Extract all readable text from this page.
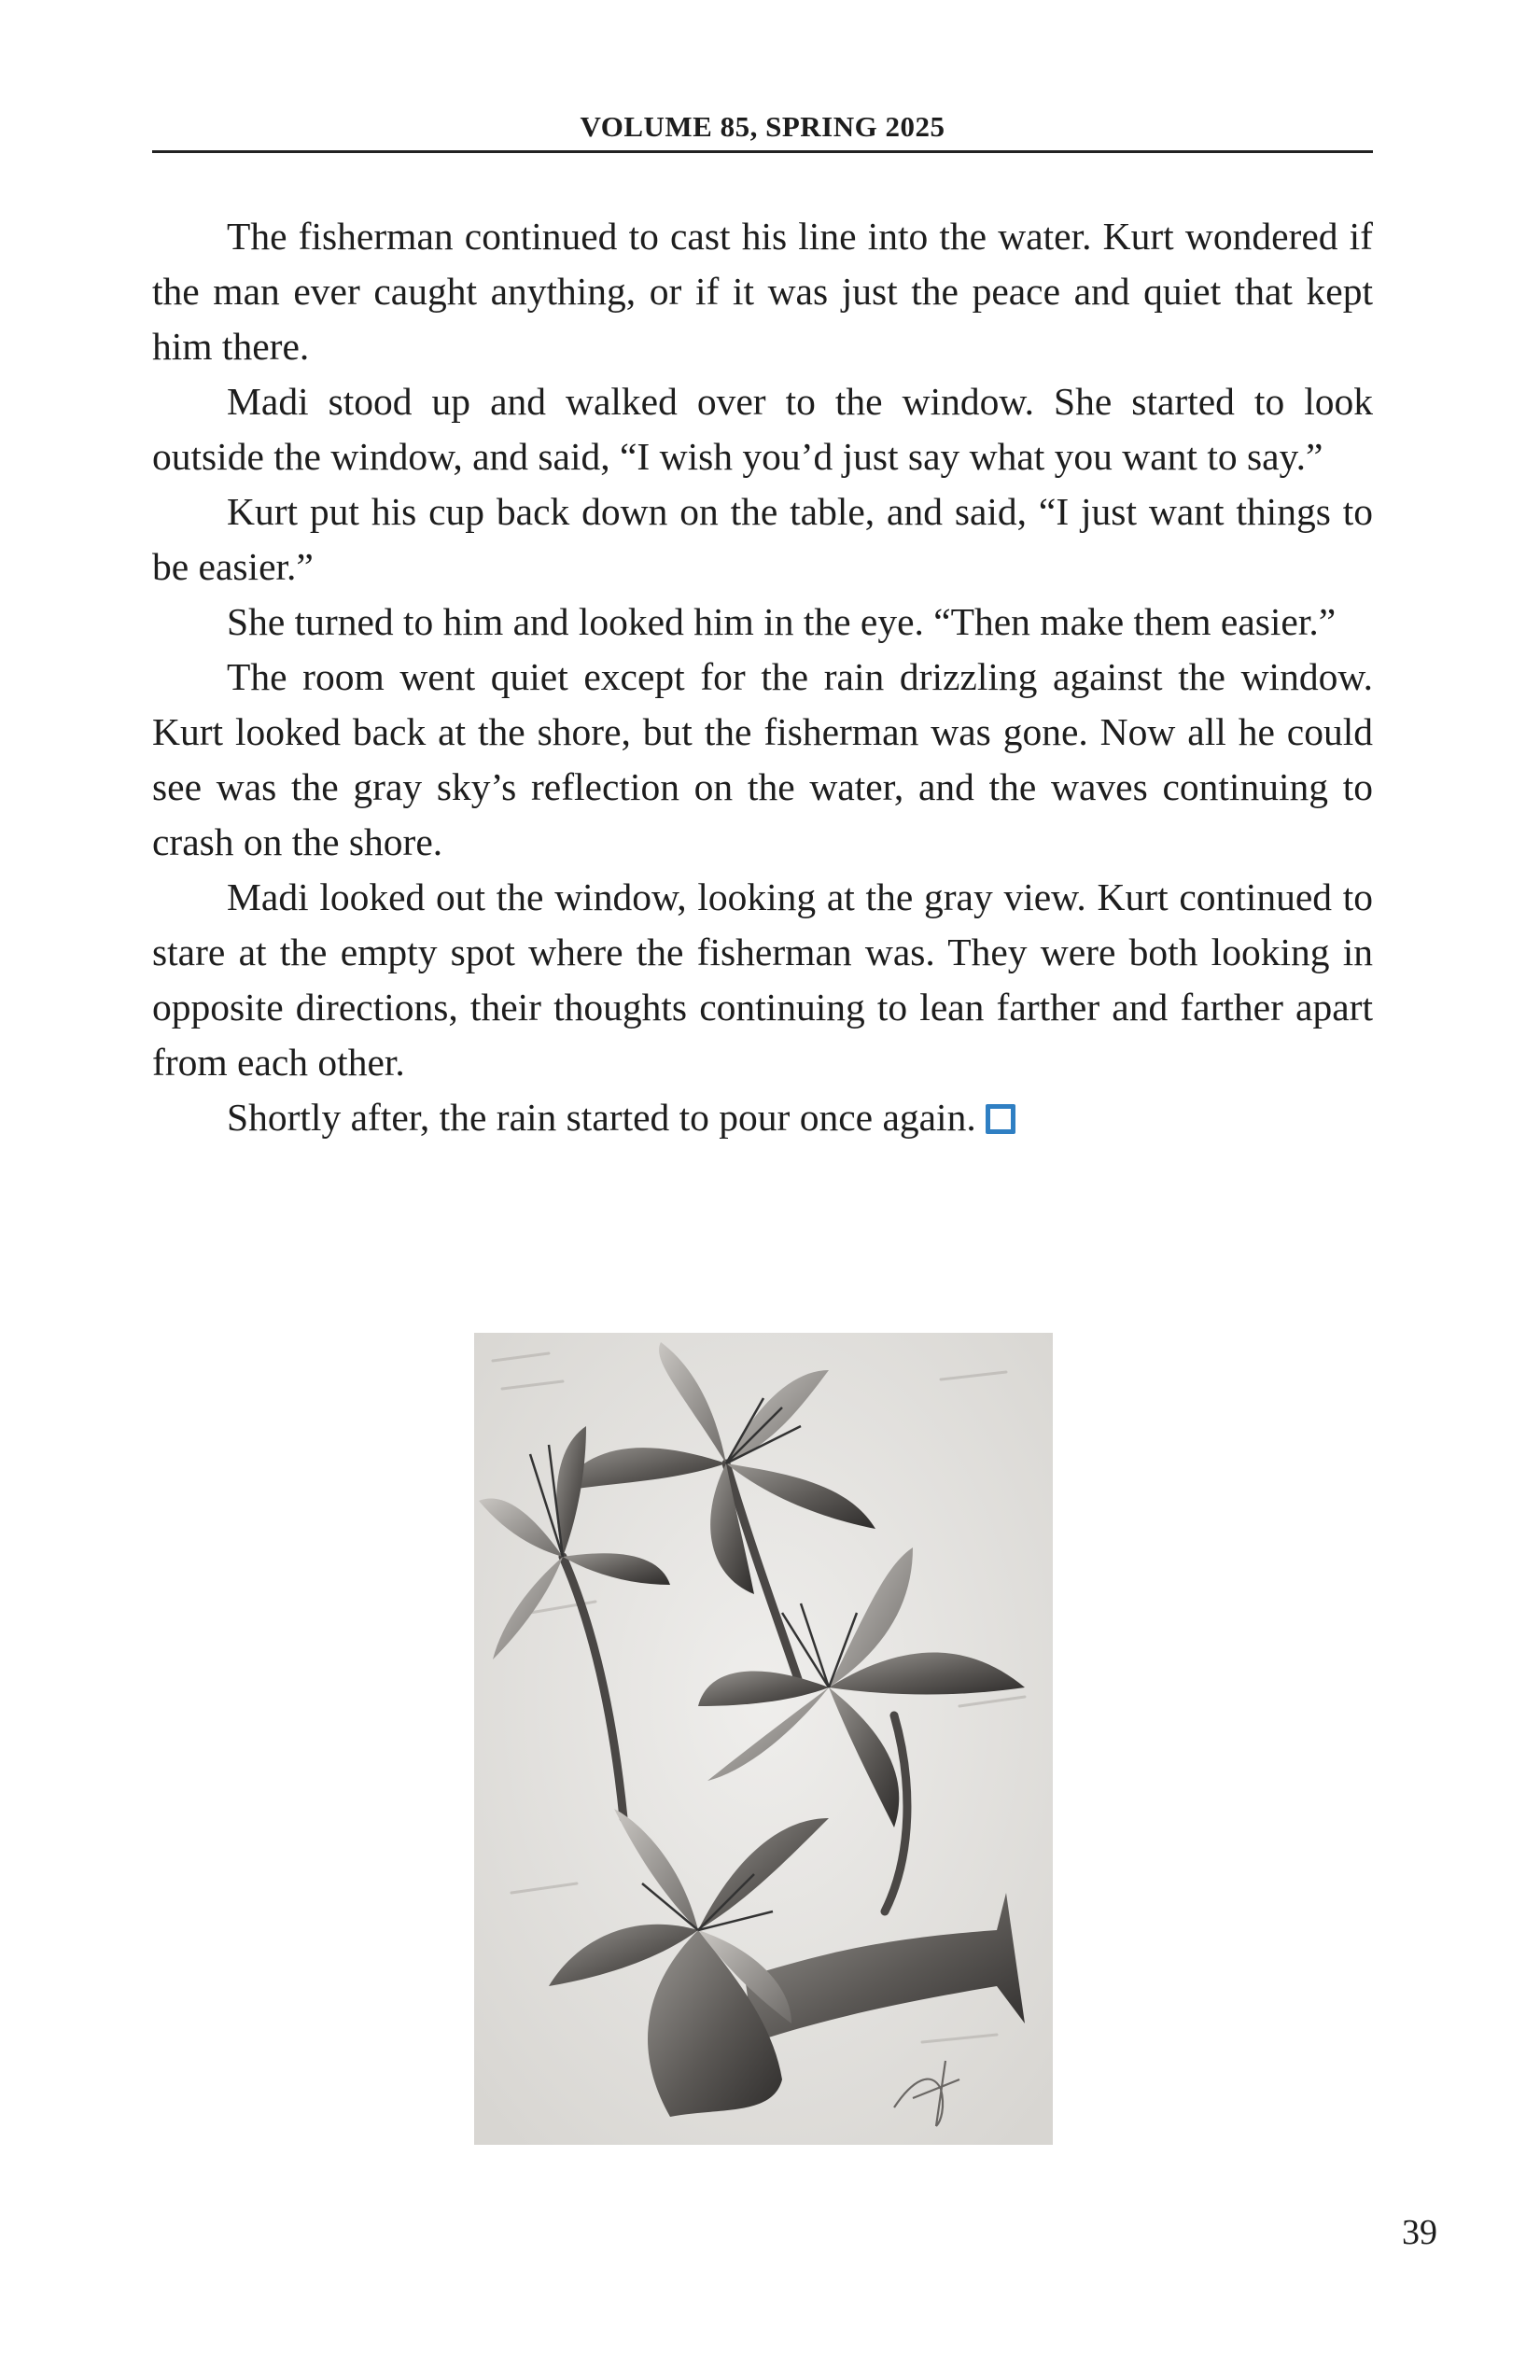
VOLUME 85, SPRING 2025

The fisherman continued to cast his line into the water. Kurt wondered if the man ever caught anything, or if it was just the peace and quiet that kept him there.

Madi stood up and walked over to the window. She started to look outside the window, and said, “I wish you’d just say what you want to say.”

Kurt put his cup back down on the table, and said, “I just want things to be easier.”

She turned to him and looked him in the eye. “Then make them easier.”

The room went quiet except for the rain drizzling against the window. Kurt looked back at the shore, but the fisherman was gone. Now all he could see was the gray sky’s reflection on the water, and the waves continuing to crash on the shore.

Madi looked out the window, looking at the gray view. Kurt continued to stare at the empty spot where the fisherman was. They were both looking in opposite directions, their thoughts continuing to lean farther and farther apart from each other.

Shortly after, the rain started to pour once again.

39
